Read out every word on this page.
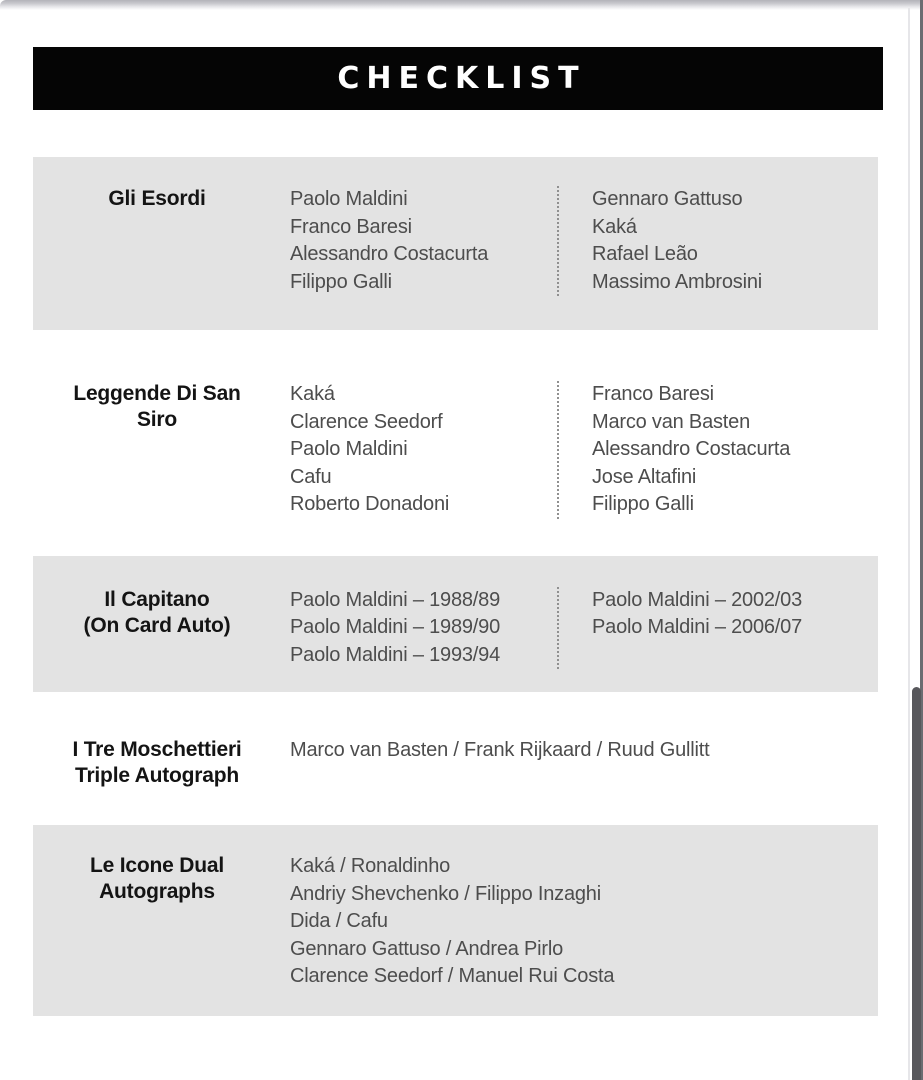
CHECKLIST
Gli Esordi	Paolo Maldini
Franco Baresi
Alessandro Costacurta
Filippo Galli
Gennaro Gattuso
Kaká
Rafael Leão
Massimo Ambrosini
Leggende Di San
Siro
Kaká
Clarence Seedorf
Paolo Maldini
Cafu
Roberto Donadoni
Franco Baresi
Marco van Basten
Alessandro Costacurta
Jose Altafini
Filippo Galli
Il Capitano
(On Card Auto)
Paolo Maldini – 1988/89
Paolo Maldini – 1989/90
Paolo Maldini – 1993/94
Paolo Maldini – 2002/03
Paolo Maldini – 2006/07
I Tre Moschettieri
Triple Autograph
Marco van Basten / Frank Rijkaard / Ruud Gullitt
Le Icone Dual
Autographs
Kaká / Ronaldinho
Andriy Shevchenko / Filippo Inzaghi
Dida / Cafu
Gennaro Gattuso / Andrea Pirlo
Clarence Seedorf / Manuel Rui Costa
